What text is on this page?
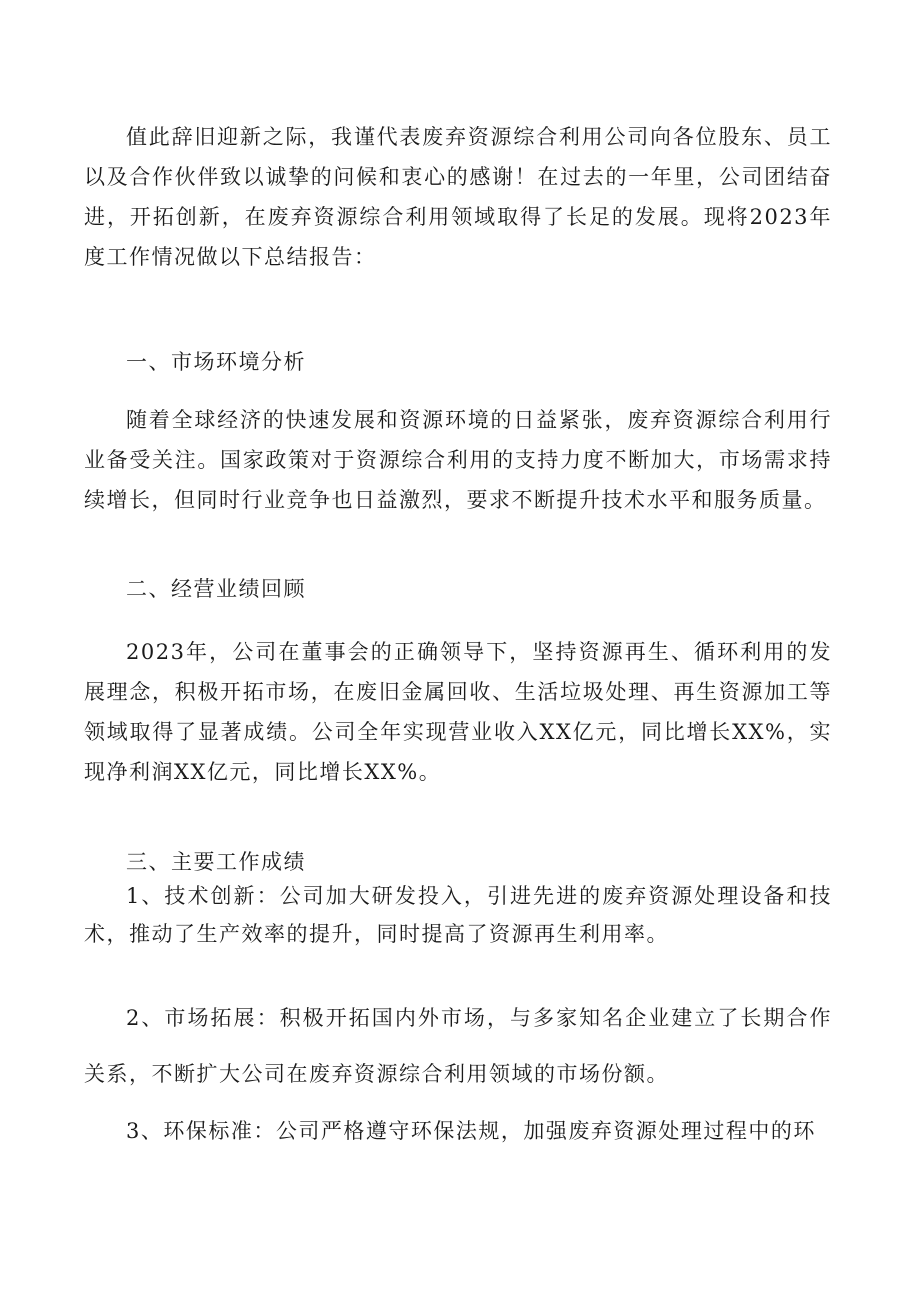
值此辞旧迎新之际，我谨代表废弃资源综合利用公司向各位股东、员工以及合作伙伴致以诚挚的问候和衷心的感谢！在过去的一年里，公司团结奋进，开拓创新，在废弃资源综合利用领域取得了长足的发展。现将2023年度工作情况做以下总结报告：

一、市场环境分析

随着全球经济的快速发展和资源环境的日益紧张，废弃资源综合利用行业备受关注。国家政策对于资源综合利用的支持力度不断加大，市场需求持续增长，但同时行业竞争也日益激烈，要求不断提升技术水平和服务质量。

二、经营业绩回顾

2023年，公司在董事会的正确领导下，坚持资源再生、循环利用的发展理念，积极开拓市场，在废旧金属回收、生活垃圾处理、再生资源加工等领域取得了显著成绩。公司全年实现营业收入XX亿元，同比增长XX%，实现净利润XX亿元，同比增长XX%。

三、主要工作成绩

1、技术创新：公司加大研发投入，引进先进的废弃资源处理设备和技术，推动了生产效率的提升，同时提高了资源再生利用率。

2、市场拓展：积极开拓国内外市场，与多家知名企业建立了长期合作关系，不断扩大公司在废弃资源综合利用领域的市场份额。

3、环保标准：公司严格遵守环保法规，加强废弃资源处理过程中的环
